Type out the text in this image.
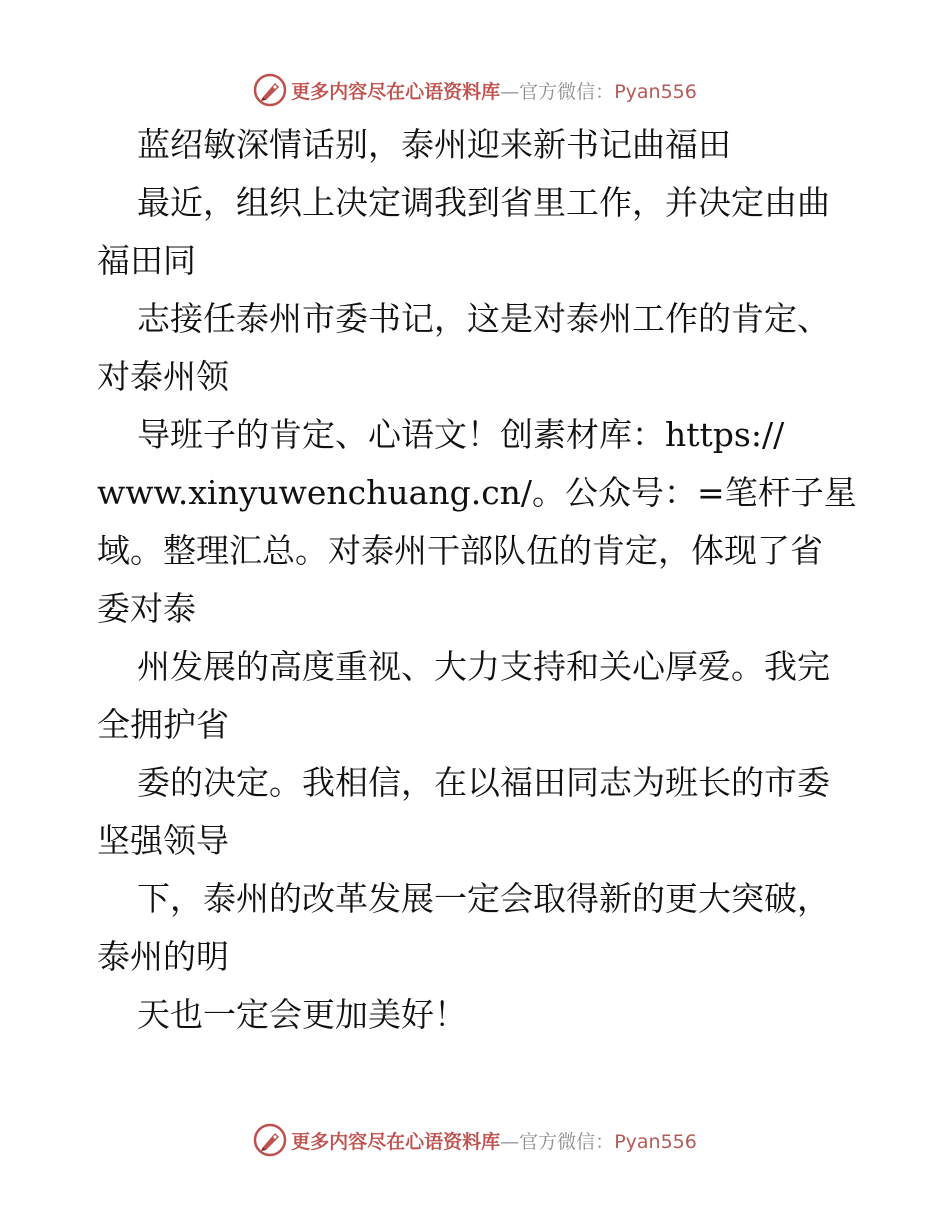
更多内容尽在心语资料库—官方微信：Pyan556
蓝绍敏深情话别，泰州迎来新书记曲福田
最近，组织上决定调我到省里工作，并决定由曲
福田同
志接任泰州市委书记，这是对泰州工作的肯定、
对泰州领
导班子的肯定、心语文！创素材库：https://
www.xinyuwenchuang.cn/。公众号：=笔杆子星
域。整理汇总。对泰州干部队伍的肯定，体现了省
委对泰
州发展的高度重视、大力支持和关心厚爱。我完
全拥护省
委的决定。我相信，在以福田同志为班长的市委
坚强领导
下，泰州的改革发展一定会取得新的更大突破，
泰州的明
天也一定会更加美好！
更多内容尽在心语资料库—官方微信：Pyan556
